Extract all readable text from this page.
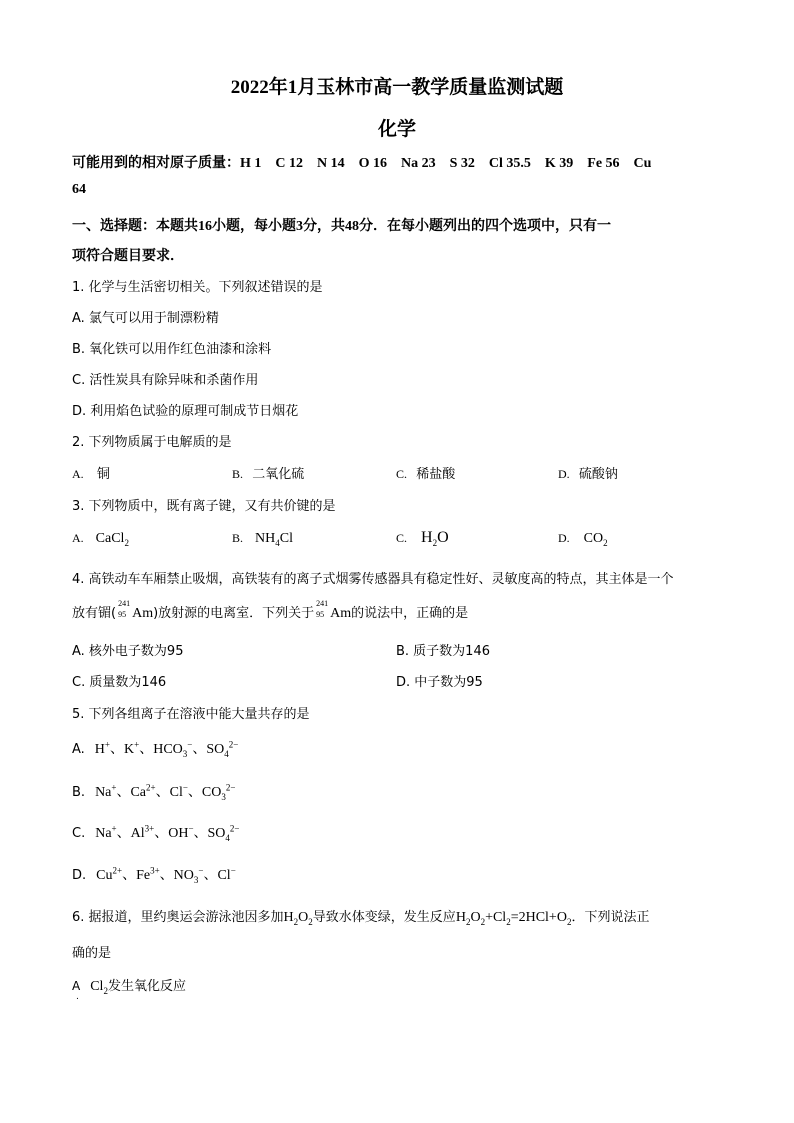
2022年1月玉林市高一教学质量监测试题
化学
可能用到的相对原子质量：H 1　C 12　N 14　O 16　Na 23　S 32　Cl 35.5　K 39　Fe 56　Cu
64
一、选择题：本题共16小题，每小题3分，共48分．在每小题列出的四个选项中，只有一
项符合题目要求．
1. 化学与生活密切相关。下列叙述错误的是
A. 氯气可以用于制漂粉精
B. 氧化铁可以用作红色油漆和涂料
C. 活性炭具有除异味和杀菌作用
D. 利用焰色试验的原理可制成节日烟花
2. 下列物质属于电解质的是
A. 铜	B. 二氧化硫	C. 稀盐酸	D. 硫酸钠
3. 下列物质中，既有离子键，又有共价键的是
A. CaCl$_2$	B. $NH_4Cl$	C. $H_2O$	D. $CO_2$
4. 高铁动车车厢禁止吸烟，高铁装有的离子式烟雾传感器具有稳定性好、灵敏度高的特点，其主体是一个
放有镅(
241
95 Am)放射源的电离室．下列关于
241
95 Am的说法中，正确的是
A. 核外电子数为95	B. 质子数为146
C. 质量数为146	D. 中子数为95
5. 下列各组离子在溶液中能大量共存的是
A. H+、K+、$HCO_3^-$、$SO_4^{2-}$
B. Na+、$Ca^{2+}$、Cl−、$CO_3^{2-}$
C. Na+、$Al^{3+}$、OH−、$SO_4^{2-}$
D. $Cu^{2+}$、$Fe^{3+}$、$NO_3^-$、Cl−
6. 据报道，里约奥运会游泳池因多加$H_2O_2$导致水体变绿，发生反应$H_2O_2+Cl_2=2HCl+O_2$．下列说法正
确的是
A $Cl_2$发生氧化反应
.
